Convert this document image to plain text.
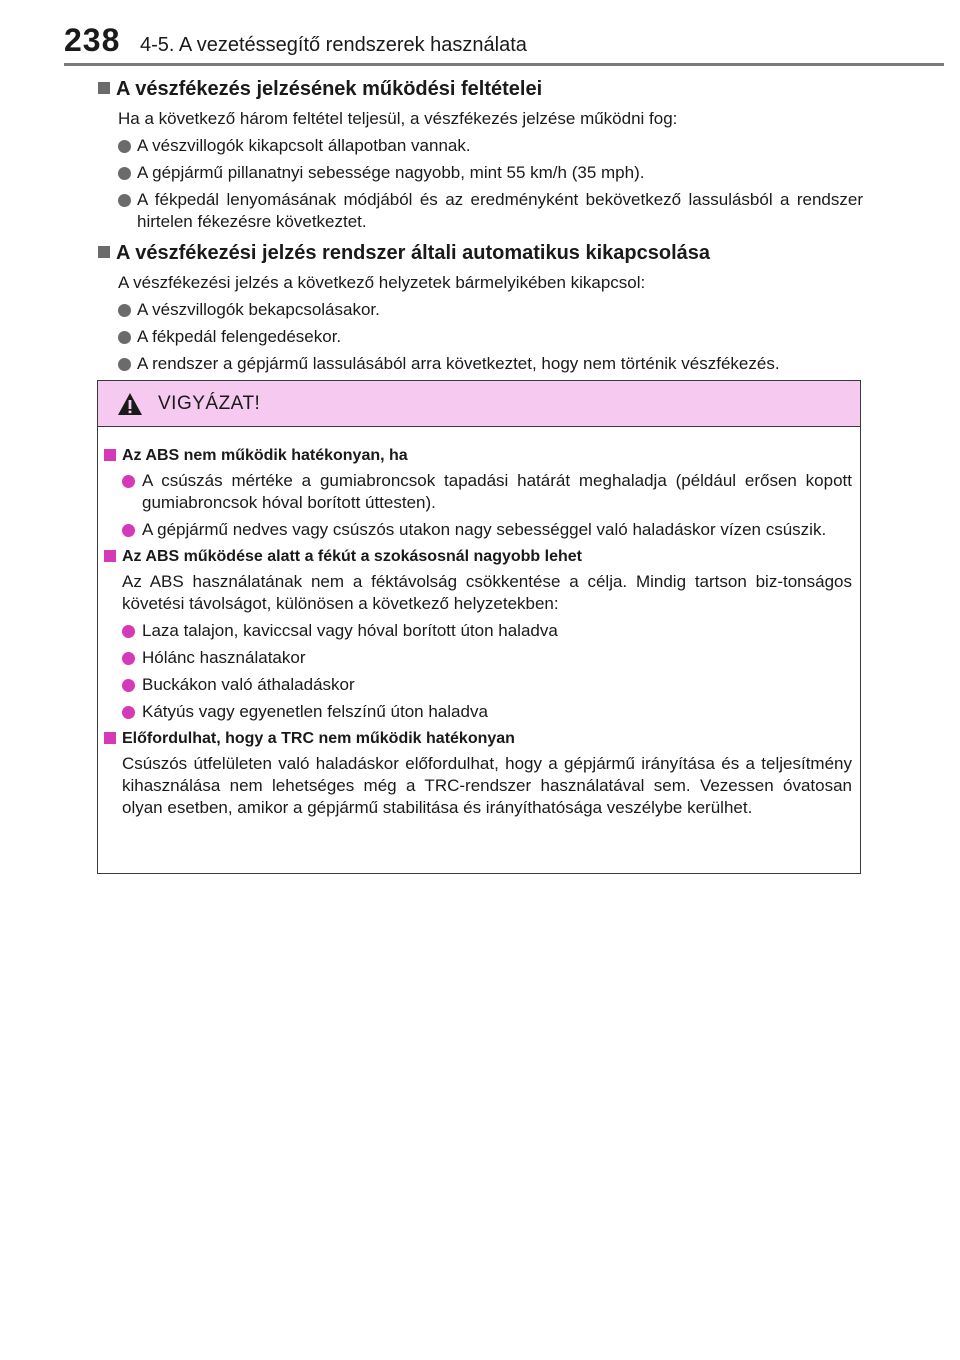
238 4-5. A vezetéssegítő rendszerek használata
A vészfékezés jelzésének működési feltételei
Ha a következő három feltétel teljesül, a vészfékezés jelzése működni fog:
A vészvillogók kikapcsolt állapotban vannak.
A gépjármű pillanatnyi sebessége nagyobb, mint 55 km/h (35 mph).
A fékpedál lenyomásának módjából és az eredményként bekövetkező lassulásból a rendszer hirtelen fékezésre következtet.
A vészfékezési jelzés rendszer általi automatikus kikapcsolása
A vészfékezési jelzés a következő helyzetek bármelyikében kikapcsol:
A vészvillogók bekapcsolásakor.
A fékpedál felengedésekor.
A rendszer a gépjármű lassulásából arra következtet, hogy nem történik vészfékezés.
VIGYÁZAT!
Az ABS nem működik hatékonyan, ha
A csúszás mértéke a gumiabroncsok tapadási határát meghaladja (például erősen kopott gumiabroncsok hóval borított úttesten).
A gépjármű nedves vagy csúszós utakon nagy sebességgel való haladáskor vízen csúszik.
Az ABS működése alatt a fékút a szokásosnál nagyobb lehet
Az ABS használatának nem a féktávolság csökkentése a célja. Mindig tartson biz-tonságos követési távolságot, különösen a következő helyzetekben:
Laza talajon, kaviccsal vagy hóval borított úton haladva
Hólánc használatakor
Buckákon való áthaladáskor
Kátyús vagy egyenetlen felszínű úton haladva
Előfordulhat, hogy a TRC nem működik hatékonyan
Csúszós útfelületen való haladáskor előfordulhat, hogy a gépjármű irányítása és a teljesítmény kihasználása nem lehetséges még a TRC-rendszer használatával sem. Vezessen óvatosan olyan esetben, amikor a gépjármű stabilitása és irányíthatósága veszélybe kerülhet.
